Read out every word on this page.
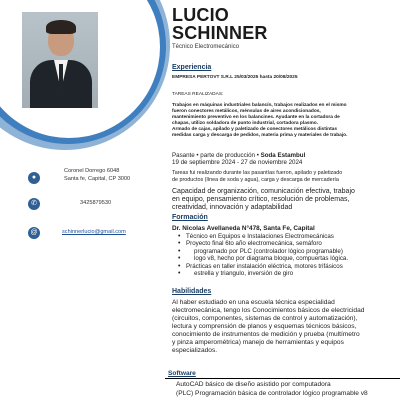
●
Coronel Dorrego 6048
Santa fe, Capital, CP 3000
✆	3425879530
@	schinnerlucio@gmail.com
LUCIO
SCHINNER
Técnico Electromecánico
Experiencia
EMPRESA PERTOVT S.R.L 25/03/2025 hasta 20/08/2025
TAREAS REALIZADAS:
Trabajos en máquinas industriales balancín, trabajos realizados en el mismo
fueron conectores metálicos, ménsulas de aires acondicionados,
mantenimiento preventivo en los balancines. Ayudante en la cortadora de
chapas, utilizo soldadora de punto industrial, cortadora plasmo.
Armado de cajas, apilado y paletizado de conectores metálicos distintas
medidas carga y descarga de pedidos, materia prima y materiales de trabajo.
Pasante • parte de producción • Soda Estambul
19 de septiembre 2024 - 27 de noviembre 2024
Tareas fui realizando durante las pasantías fueron, apilado y paletizado
de productos (línea de soda y agua), carga y descarga de mercadería
Capacidad de organización, comunicación efectiva, trabajo
en equipo, pensamiento crítico, resolución de problemas,
creatividad, innovación y adaptabilidad
Formación
Dr. Nicolas Avellaneda N°478, Santa Fe, Capital
• Técnico en Equipos e Instalaciones Electromecánicas
• Proyecto final 6to año electromecánica, semáforo
• programado por PLC (controlador lógico programable)
• logo v8, hecho por diagrama bloque, compuertas lógica.
• Prácticas en taller instalación eléctrica, motores trifásicos
• estrella y triangulo, inversión de giro
Habilidades
Al haber estudiado en una escuela técnica especialidad
electromecánica, tengo los Conocimientos básicos de electricidad
(circuitos, componentes, sistemas de control y automatización),
lectura y comprensión de planos y esquemas técnicos básicos,
conocimiento de instrumentos de medición y prueba (multímetro
y pinza amperométrica) manejo de herramientas y equipos
especializados.
Software
AutoCAD básico de diseño asistido por computadora
(PLC) Programación básica de controlador lógico programable v8
